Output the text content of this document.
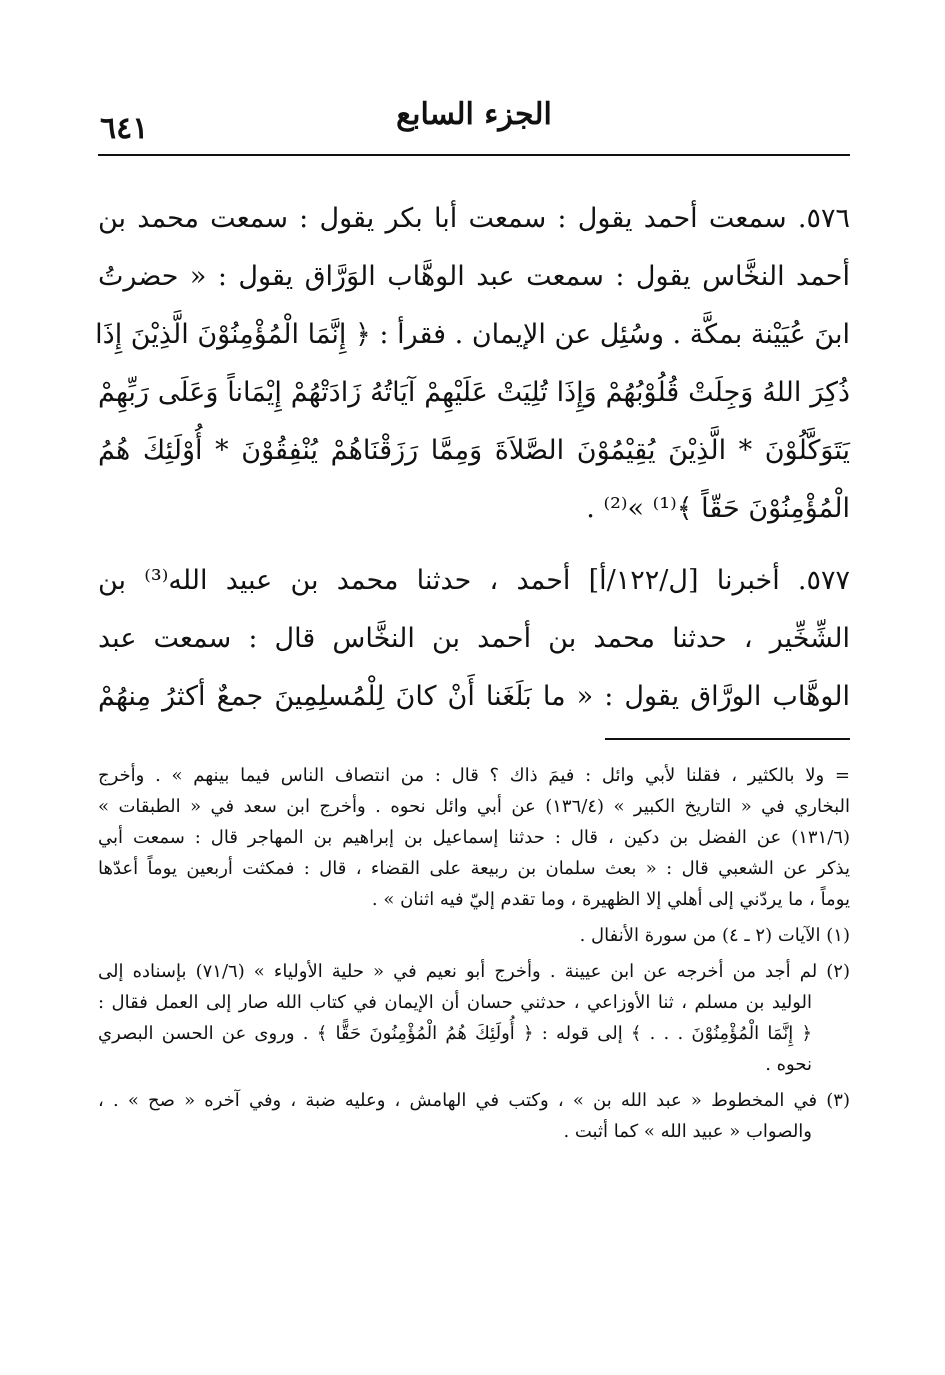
الجزء السابع
٦٤١
٥٧٦. سمعت أحمد يقول : سمعت أبا بكر يقول : سمعت محمد بن
أحمد النخَّاس يقول : سمعت عبد الوهَّاب الوَرَّاق يقول : « حضرتُ
ابنَ عُيَيْنة بمكَّة . وسُئِل عن الإيمان . فقرأ : ﴿ إِنَّمَا الْمُؤْمِنُوْنَ الَّذِيْنَ إِذَا
ذُكِرَ اللهُ وَجِلَتْ قُلُوْبُهُمْ وَإِذَا تُلِيَتْ عَلَيْهِمْ آيَاتُهُ زَادَتْهُمْ إِيْمَاناً وَعَلَى رَبِّهِمْ
يَتَوَكَّلُوْنَ * الَّذِيْنَ يُقِيْمُوْنَ الصَّلاَةَ وَمِمَّا رَزَقْنَاهُمْ يُنْفِقُوْنَ * أُوْلَئِكَ هُمُ
الْمُؤْمِنُوْنَ حَقّاً ﴾⁽¹⁾ »⁽²⁾ .
٥٧٧. أخبرنا [ل/١٢٢/أ] أحمد ، حدثنا محمد بن عبيد الله⁽³⁾ بن
الشِّخِّير ، حدثنا محمد بن أحمد بن النخَّاس قال : سمعت عبد
الوهَّاب الورَّاق يقول : « ما بَلَغَنا أَنْ كانَ لِلْمُسلِمِينَ جمعٌ أكثرُ مِنهُمْ
= ولا بالكثير ، فقلنا لأبي وائل : فيمَ ذاك ؟ قال : من انتصاف الناس فيما بينهم » . وأخرج
البخاري في « التاريخ الكبير » (١٣٦/٤) عن أبي وائل نحوه . وأخرج ابن سعد في « الطبقات »
(١٣١/٦) عن الفضل بن دكين ، قال : حدثنا إسماعيل بن إبراهيم بن المهاجر قال : سمعت أبي
يذكر عن الشعبي قال : « بعث سلمان بن ربيعة على القضاء ، قال : فمكثت أربعين يوماً أعدّها
يوماً ، ما يردّني إلى أهلي إلا الظهيرة ، وما تقدم إليّ فيه اثنان » .
(١) الآيات (٢ ـ ٤) من سورة الأنفال .
(٢) لم أجد من أخرجه عن ابن عيينة . وأخرج أبو نعيم في « حلية الأولياء » (٧١/٦) بإسناده إلى
الوليد بن مسلم ، ثنا الأوزاعي ، حدثني حسان أن الإيمان في كتاب الله صار إلى العمل فقال :
﴿ إِنَّمَا الْمُؤْمِنُوْنَ . . . ﴾ إلى قوله : ﴿ أُولَئِكَ هُمُ الْمُؤْمِنُونَ حَقًّا ﴾ . وروى عن الحسن البصري
نحوه .
(٣) في المخطوط « عبد الله بن » ، وكتب في الهامش ، وعليه ضبة ، وفي آخره « صح » . ،
والصواب « عبيد الله » كما أثبت .
